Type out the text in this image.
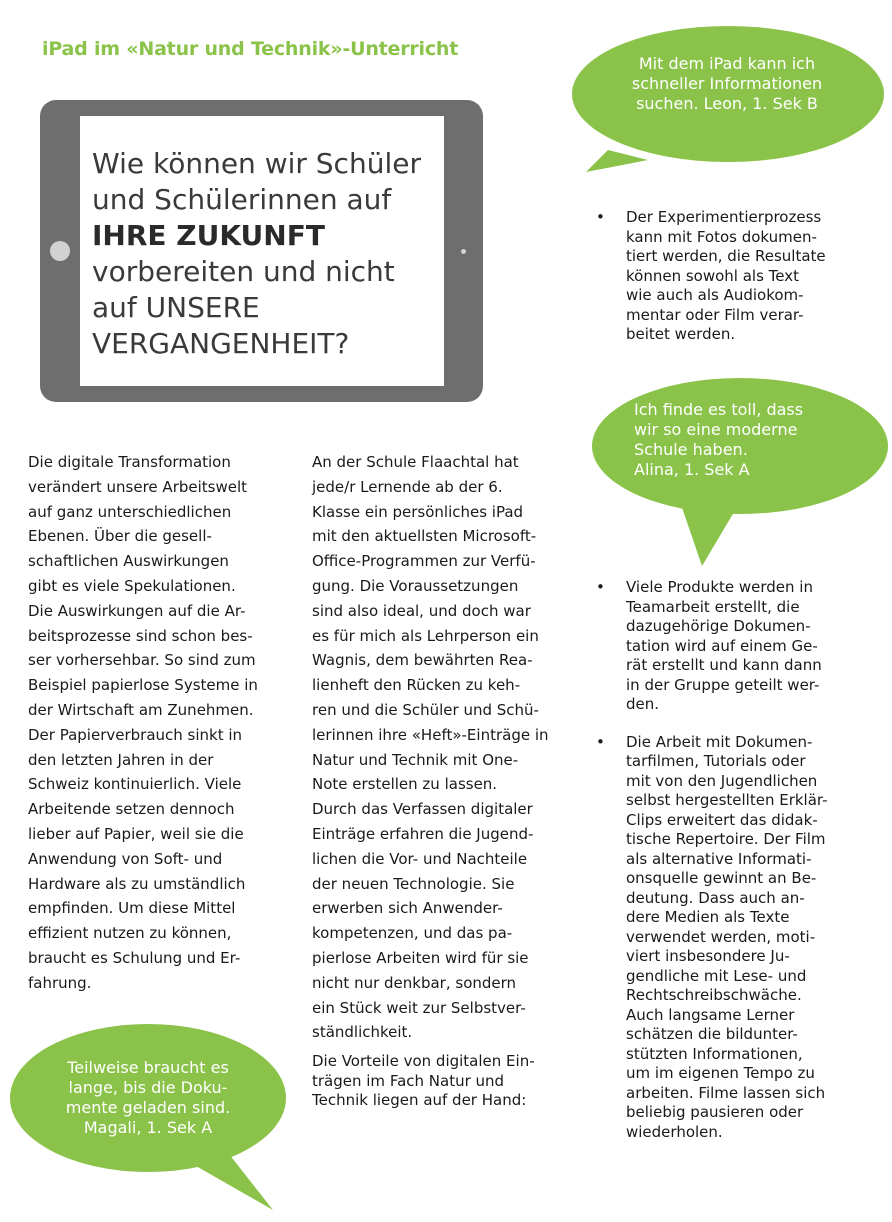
iPad im «Natur und Technik»-Unterricht
Wie können wir Schüler
und Schülerinnen auf
IHRE ZUKUNFT
vorbereiten und nicht
auf UNSERE
VERGANGENHEIT?
Mit dem iPad kann ich
schneller Informationen
suchen. Leon, 1. Sek B
Ich finde es toll, dass
wir so eine moderne
Schule haben.
Alina, 1. Sek A
Teilweise braucht es
lange, bis die Doku-
mente geladen sind.
Magali, 1. Sek A
Die digitale Transformation
verändert unsere Arbeitswelt
auf ganz unterschiedlichen
Ebenen. Über die gesell-
schaftlichen Auswirkungen
gibt es viele Spekulationen.
Die Auswirkungen auf die Ar-
beitsprozesse sind schon bes-
ser vorhersehbar. So sind zum
Beispiel papierlose Systeme in
der Wirtschaft am Zunehmen.
Der Papierverbrauch sinkt in
den letzten Jahren in der
Schweiz kontinuierlich. Viele
Arbeitende setzen dennoch
lieber auf Papier, weil sie die
Anwendung von Soft- und
Hardware als zu umständlich
empfinden. Um diese Mittel
effizient nutzen zu können,
braucht es Schulung und Er-
fahrung.
An der Schule Flaachtal hat
jede/r Lernende ab der 6.
Klasse ein persönliches iPad
mit den aktuellsten Microsoft-
Office-Programmen zur Verfü-
gung. Die Voraussetzungen
sind also ideal, und doch war
es für mich als Lehrperson ein
Wagnis, dem bewährten Rea-
lienheft den Rücken zu keh-
ren und die Schüler und Schü-
lerinnen ihre «Heft»-Einträge in
Natur und Technik mit One-
Note erstellen zu lassen.
Durch das Verfassen digitaler
Einträge erfahren die Jugend-
lichen die Vor- und Nachteile
der neuen Technologie. Sie
erwerben sich Anwender-
kompetenzen, und das pa-
pierlose Arbeiten wird für sie
nicht nur denkbar, sondern
ein Stück weit zur Selbstver-
ständlichkeit.
Die Vorteile von digitalen Ein-
trägen im Fach Natur und
Technik liegen auf der Hand:
• Der Experimentierprozess
kann mit Fotos dokumen-
tiert werden, die Resultate
können sowohl als Text
wie auch als Audiokom-
mentar oder Film verar-
beitet werden.
• Viele Produkte werden in
Teamarbeit erstellt, die
dazugehörige Dokumen-
tation wird auf einem Ge-
rät erstellt und kann dann
in der Gruppe geteilt wer-
den.
• Die Arbeit mit Dokumen-
tarfilmen, Tutorials oder
mit von den Jugendlichen
selbst hergestellten Erklär-
Clips erweitert das didak-
tische Repertoire. Der Film
als alternative Informati-
onsquelle gewinnt an Be-
deutung. Dass auch an-
dere Medien als Texte
verwendet werden, moti-
viert insbesondere Ju-
gendliche mit Lese- und
Rechtschreibschwäche.
Auch langsame Lerner
schätzen die bildunter-
stützten Informationen,
um im eigenen Tempo zu
arbeiten. Filme lassen sich
beliebig pausieren oder
wiederholen.
